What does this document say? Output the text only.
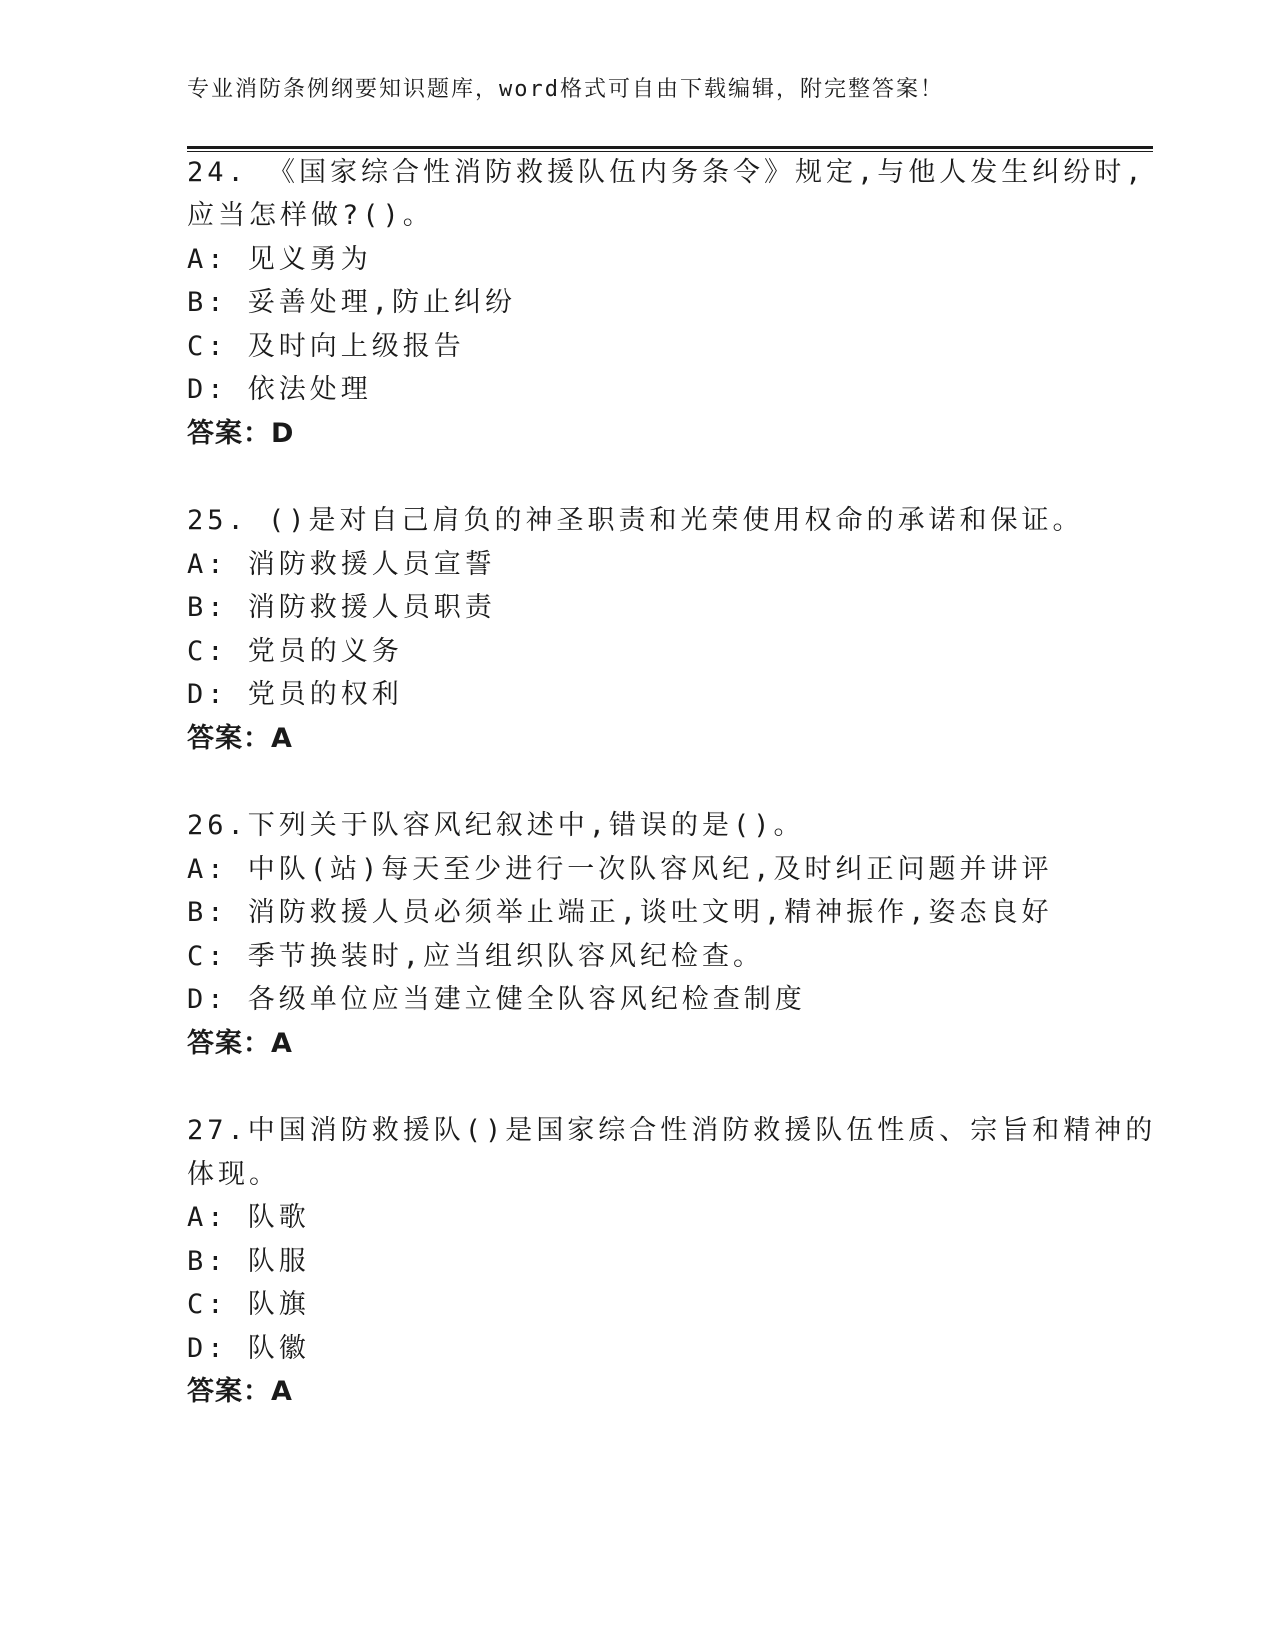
专业消防条例纲要知识题库，word格式可自由下载编辑，附完整答案！
24. 《国家综合性消防救援队伍内务条令》规定,与他人发生纠纷时,
应当怎样做?()。
A: 见义勇为
B: 妥善处理,防止纠纷
C: 及时向上级报告
D: 依法处理
答案：D
25. ()是对自己肩负的神圣职责和光荣使用权命的承诺和保证。
A: 消防救援人员宣誓
B: 消防救援人员职责
C: 党员的义务
D: 党员的权利
答案：A
26.下列关于队容风纪叙述中,错误的是()。
A: 中队(站)每天至少进行一次队容风纪,及时纠正问题并讲评
B: 消防救援人员必须举止端正,谈吐文明,精神振作,姿态良好
C: 季节换装时,应当组织队容风纪检查。
D: 各级单位应当建立健全队容风纪检查制度
答案：A
27.中国消防救援队()是国家综合性消防救援队伍性质、宗旨和精神的
体现。
A: 队歌
B: 队服
C: 队旗
D: 队徽
答案：A
